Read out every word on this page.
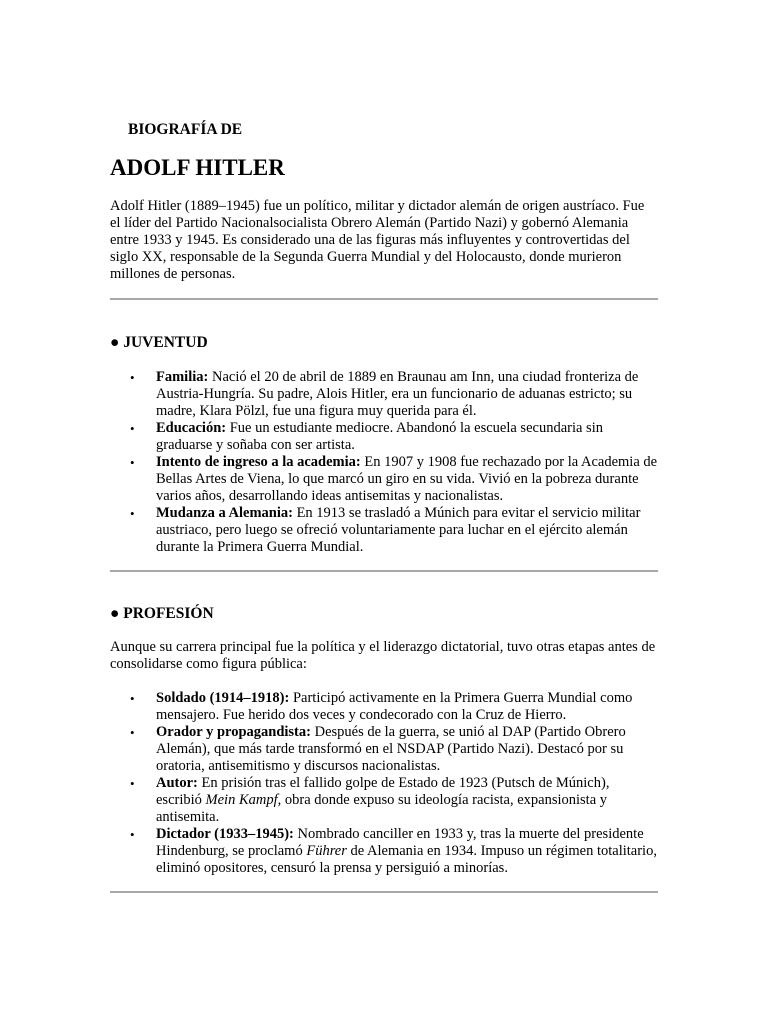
BIOGRAFÍA DE

ADOLF HITLER

Adolf Hitler (1889–1945) fue un político, militar y dictador alemán de origen austríaco. Fue el líder del Partido Nacionalsocialista Obrero Alemán (Partido Nazi) y gobernó Alemania entre 1933 y 1945. Es considerado una de las figuras más influyentes y controvertidas del siglo XX, responsable de la Segunda Guerra Mundial y del Holocausto, donde murieron millones de personas.

● JUVENTUD
• Familia: Nació el 20 de abril de 1889 en Braunau am Inn, una ciudad fronteriza de Austria-Hungría. Su padre, Alois Hitler, era un funcionario de aduanas estricto; su madre, Klara Pölzl, fue una figura muy querida para él.
• Educación: Fue un estudiante mediocre. Abandonó la escuela secundaria sin graduarse y soñaba con ser artista.
• Intento de ingreso a la academia: En 1907 y 1908 fue rechazado por la Academia de Bellas Artes de Viena, lo que marcó un giro en su vida. Vivió en la pobreza durante varios años, desarrollando ideas antisemitas y nacionalistas.
• Mudanza a Alemania: En 1913 se trasladó a Múnich para evitar el servicio militar austriaco, pero luego se ofreció voluntariamente para luchar en el ejército alemán durante la Primera Guerra Mundial.
● PROFESIÓN

Aunque su carrera principal fue la política y el liderazgo dictatorial, tuvo otras etapas antes de consolidarse como figura pública:

• Soldado (1914–1918): Participó activamente en la Primera Guerra Mundial como mensajero. Fue herido dos veces y condecorado con la Cruz de Hierro.
• Orador y propagandista: Después de la guerra, se unió al DAP (Partido Obrero Alemán), que más tarde transformó en el NSDAP (Partido Nazi). Destacó por su oratoria, antisemitismo y discursos nacionalistas.
• Autor: En prisión tras el fallido golpe de Estado de 1923 (Putsch de Múnich), escribió Mein Kampf, obra donde expuso su ideología racista, expansionista y antisemita.
• Dictador (1933–1945): Nombrado canciller en 1933 y, tras la muerte del presidente Hindenburg, se proclamó Führer de Alemania en 1934. Impuso un régimen totalitario, eliminó opositores, censuró la prensa y persiguió a minorías.
